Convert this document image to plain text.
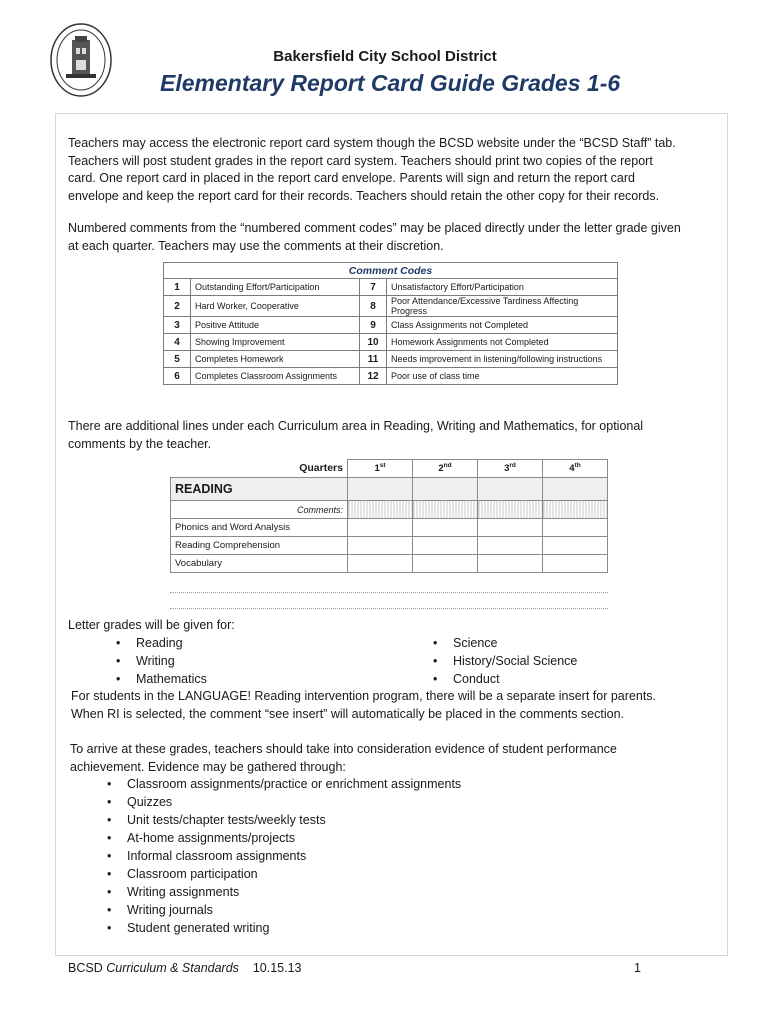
Bakersfield City School District
Elementary Report Card Guide Grades 1-6

Teachers may access the electronic report card system though the BCSD website under the “BCSD Staff” tab.
Teachers will post student grades in the report card system. Teachers should print two copies of the report
card. One report card in placed in the report card envelope. Parents will sign and return the report card
envelope and keep the report card for their records. Teachers should retain the other copy for their records.

Numbered comments from the “numbered comment codes” may be placed directly under the letter grade given
at each quarter. Teachers may use the comments at their discretion.

Comment Codes			
1	Outstanding Effort/Participation	7	Unsatisfactory Effort/Participation
2	Hard Worker, Cooperative	8	Poor Attendance/Excessive Tardiness Affecting Progress
3	Positive Attitude	9	Class Assignments not Completed
4	Showing Improvement	10	Homework Assignments not Completed
5	Completes Homework	11	Needs improvement in listening/following instructions
6	Completes Classroom Assignments	12	Poor use of class time

There are additional lines under each Curriculum area in Reading, Writing and Mathematics, for optional
comments by the teacher.

Quarters	1st	2nd	3rd	4th
READING				
Comments:				
Phonics and Word Analysis				
Reading Comprehension				
Vocabulary				
Letter grades will be given for:
• Reading
• Writing
• Mathematics
• Science
• History/Social Science
• Conduct

For students in the LANGUAGE! Reading intervention program, there will be a separate insert for parents.
When RI is selected, the comment “see insert” will automatically be placed in the comments section.

To arrive at these grades, teachers should take into consideration evidence of student performance
achievement. Evidence may be gathered through:

• Classroom assignments/practice or enrichment assignments
• Quizzes
• Unit tests/chapter tests/weekly tests
• At-home assignments/projects
• Informal classroom assignments
• Classroom participation
• Writing assignments
• Writing journals
• Student generated writing
BCSD Curriculum & Standards 10.15.13	1
